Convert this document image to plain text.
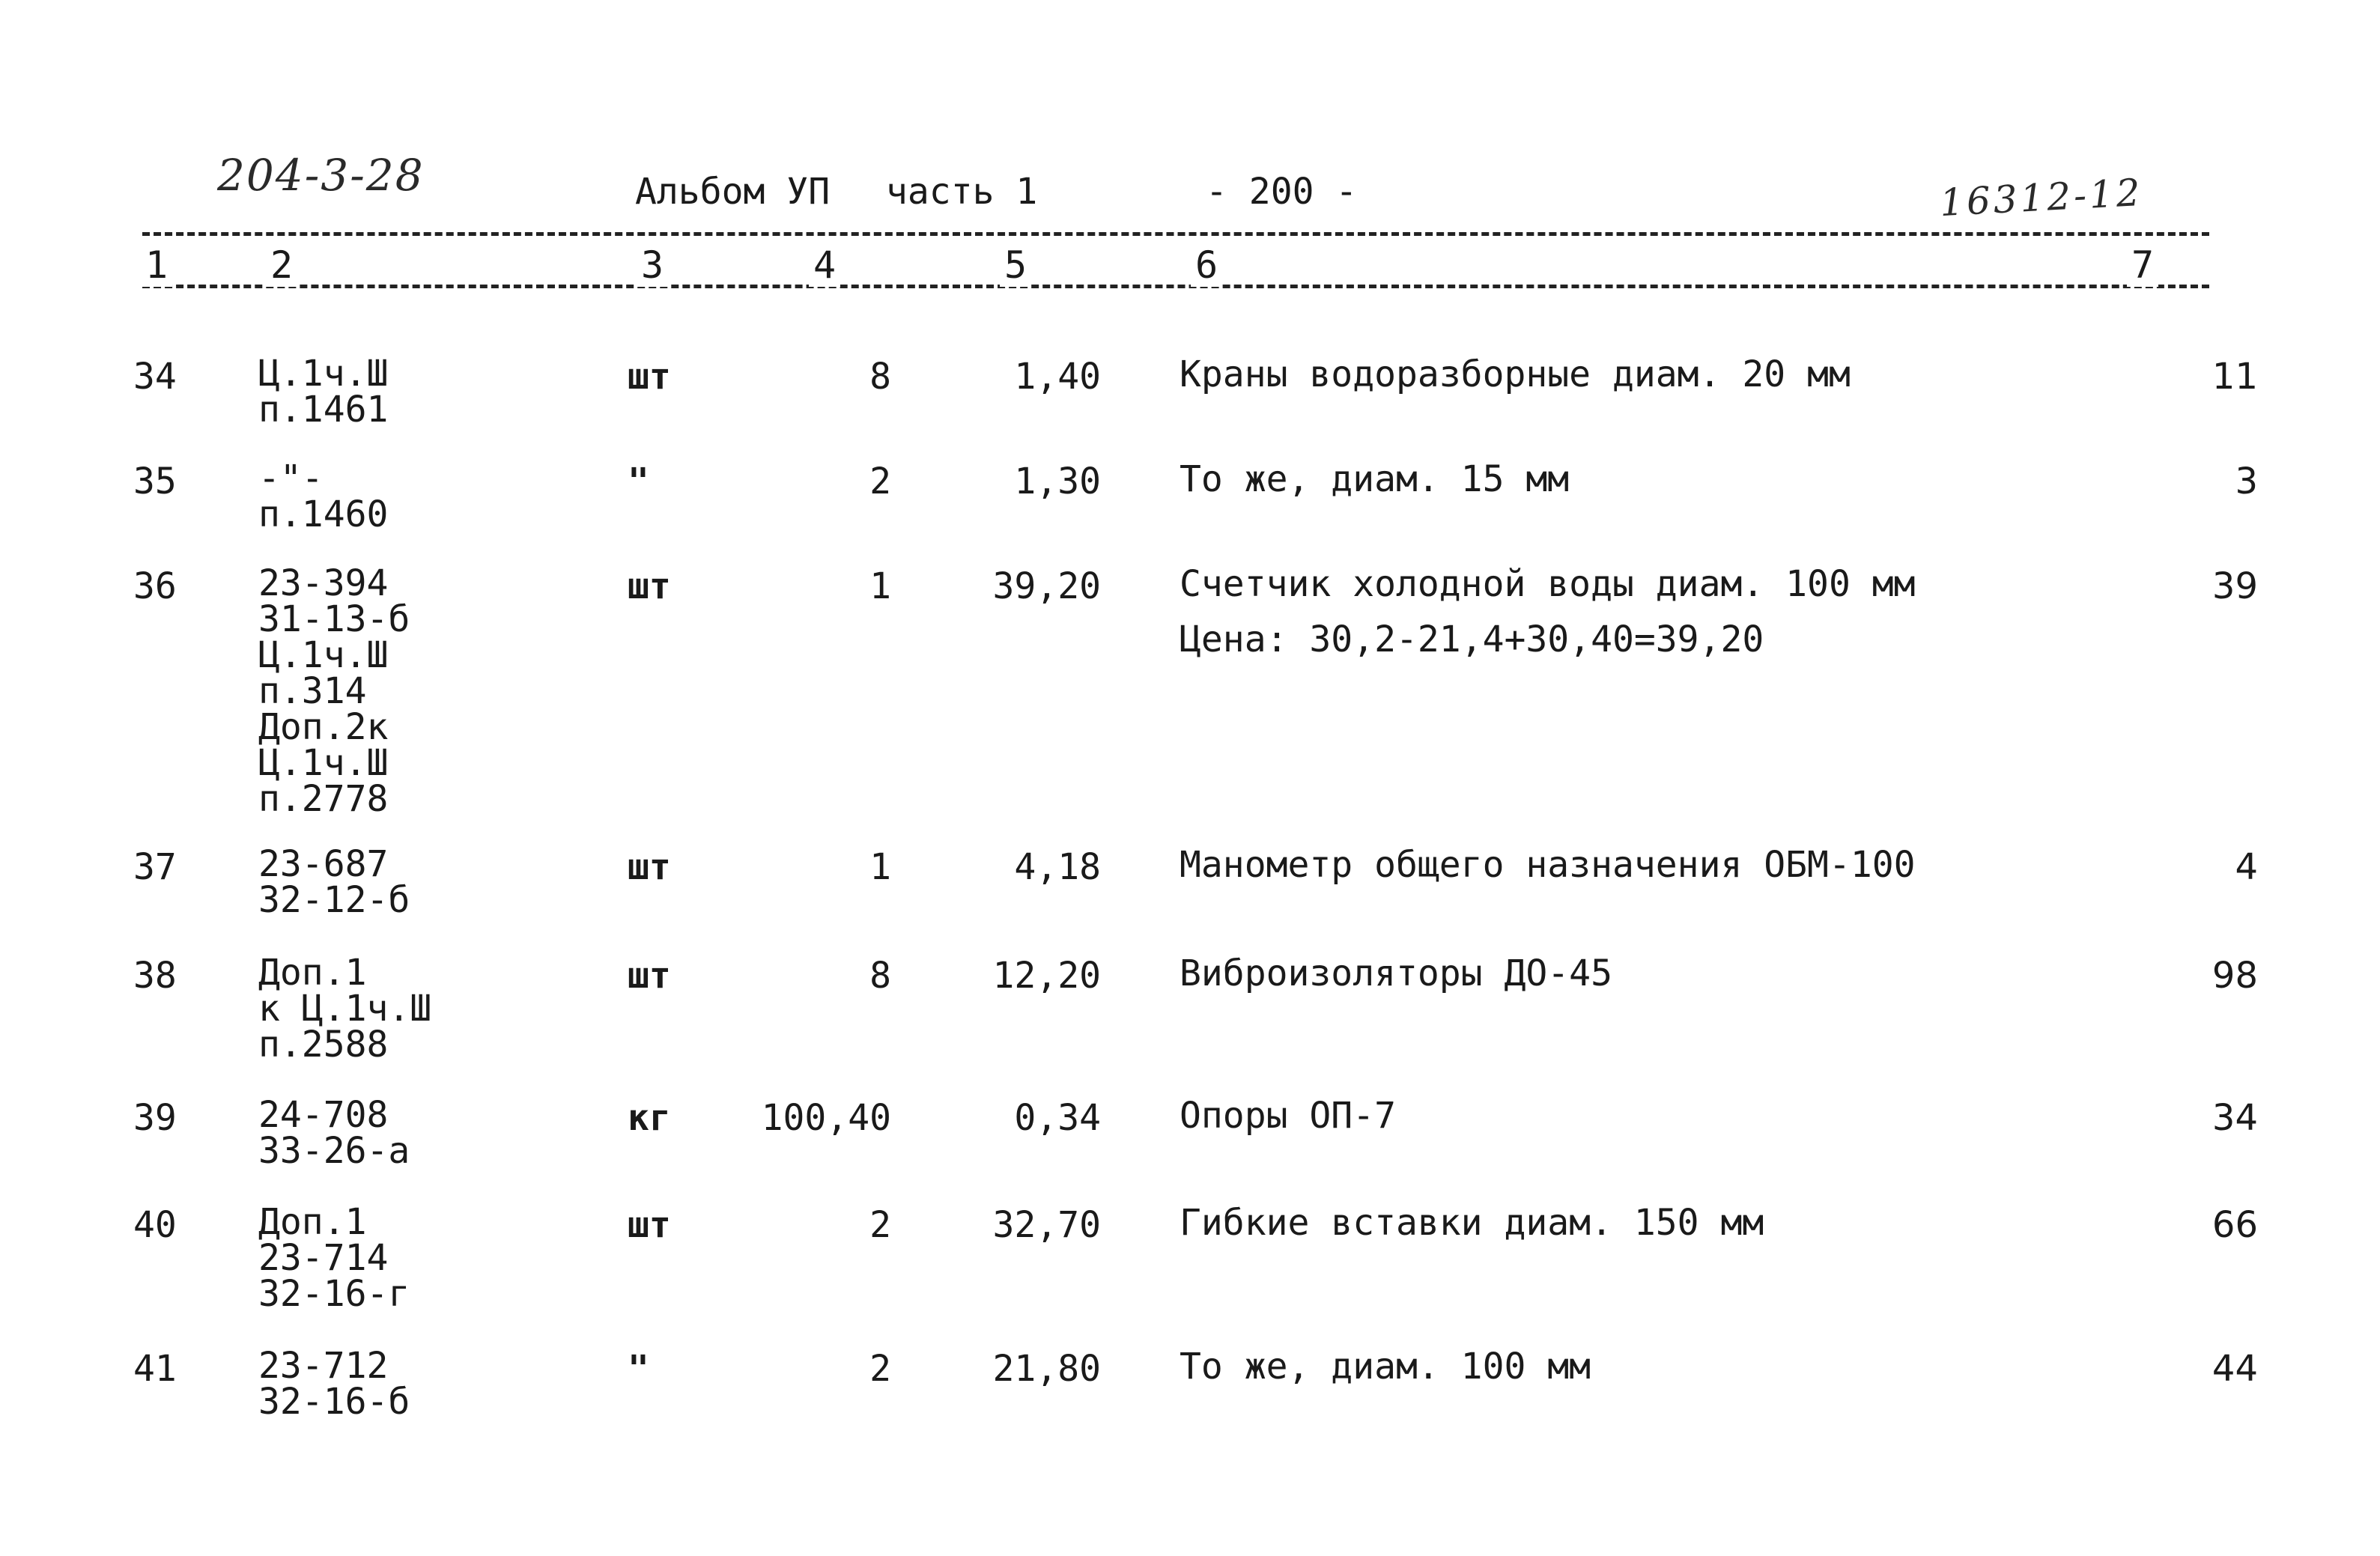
204-3-28	Альбом УП часть 1	- 200 -	16312-12
1	2	3	4	5	6	7
34 Ц.1ч.Ш
п.1461
шт	8	1,40 Краны водоразборные диам. 20 мм	11
35 -"-
п.1460
"	2	1,30 То же, диам. 15 мм	3
36 23-394
31-13-б
Ц.1ч.Ш
п.314
Доп.2к
Ц.1ч.Ш
п.2778
шт	1	39,20 Счетчик холодной воды диам. 100 мм
Цена: 30,2-21,4+30,40=39,20
39
37 23-687
32-12-б
шт	1	4,18 Манометр общего назначения ОБМ-100	4
38 Доп.1
к Ц.1ч.Ш
п.2588
шт	8	12,20 Виброизоляторы ДО-45	98
39 24-708
33-26-а
кг	100,40	0,34 Опоры ОП-7	34
40 Доп.1
23-714
32-16-г
шт	2	32,70 Гибкие вставки диам. 150 мм	66
41 23-712
32-16-б
"	2	21,80 То же, диам. 100 мм	44
